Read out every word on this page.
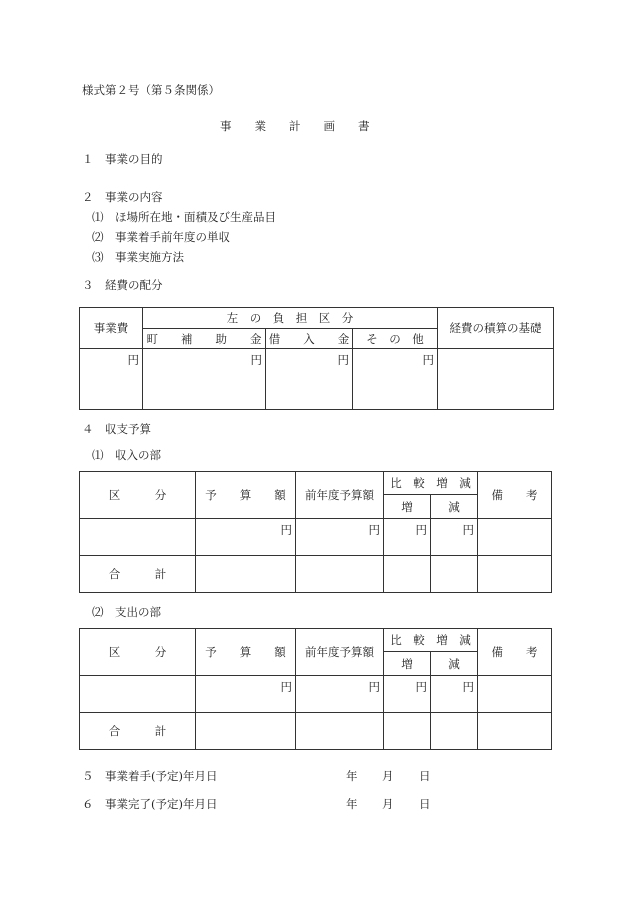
様式第２号（第５条関係）
事　　業　　計　　画　　書
１　事業の目的
２　事業の内容
⑴　ほ場所在地・面積及び生産品目
⑵　事業着手前年度の単収
⑶　事業実施方法
３　経費の配分
事業費	左　の　負　担　区　分			経費の積算の基礎
	町　　補　　助　　金	借　　入　　金	そ　の　他	
円	円	円	円	
４　収支予算
⑴　収入の部
区　　　分	予　　算　　額	前年度予算額	比　較　増　減		備　　考
			増	減	
	円	円	円	円	
合　　　計					
⑵　支出の部
区　　　分	予　　算　　額	前年度予算額	比　較　増　減		備　　考
			増	減	
	円	円	円	円	
合　　　計					
５　事業着手(予定)年月日	年 月 日
６　事業完了(予定)年月日	年 月 日
